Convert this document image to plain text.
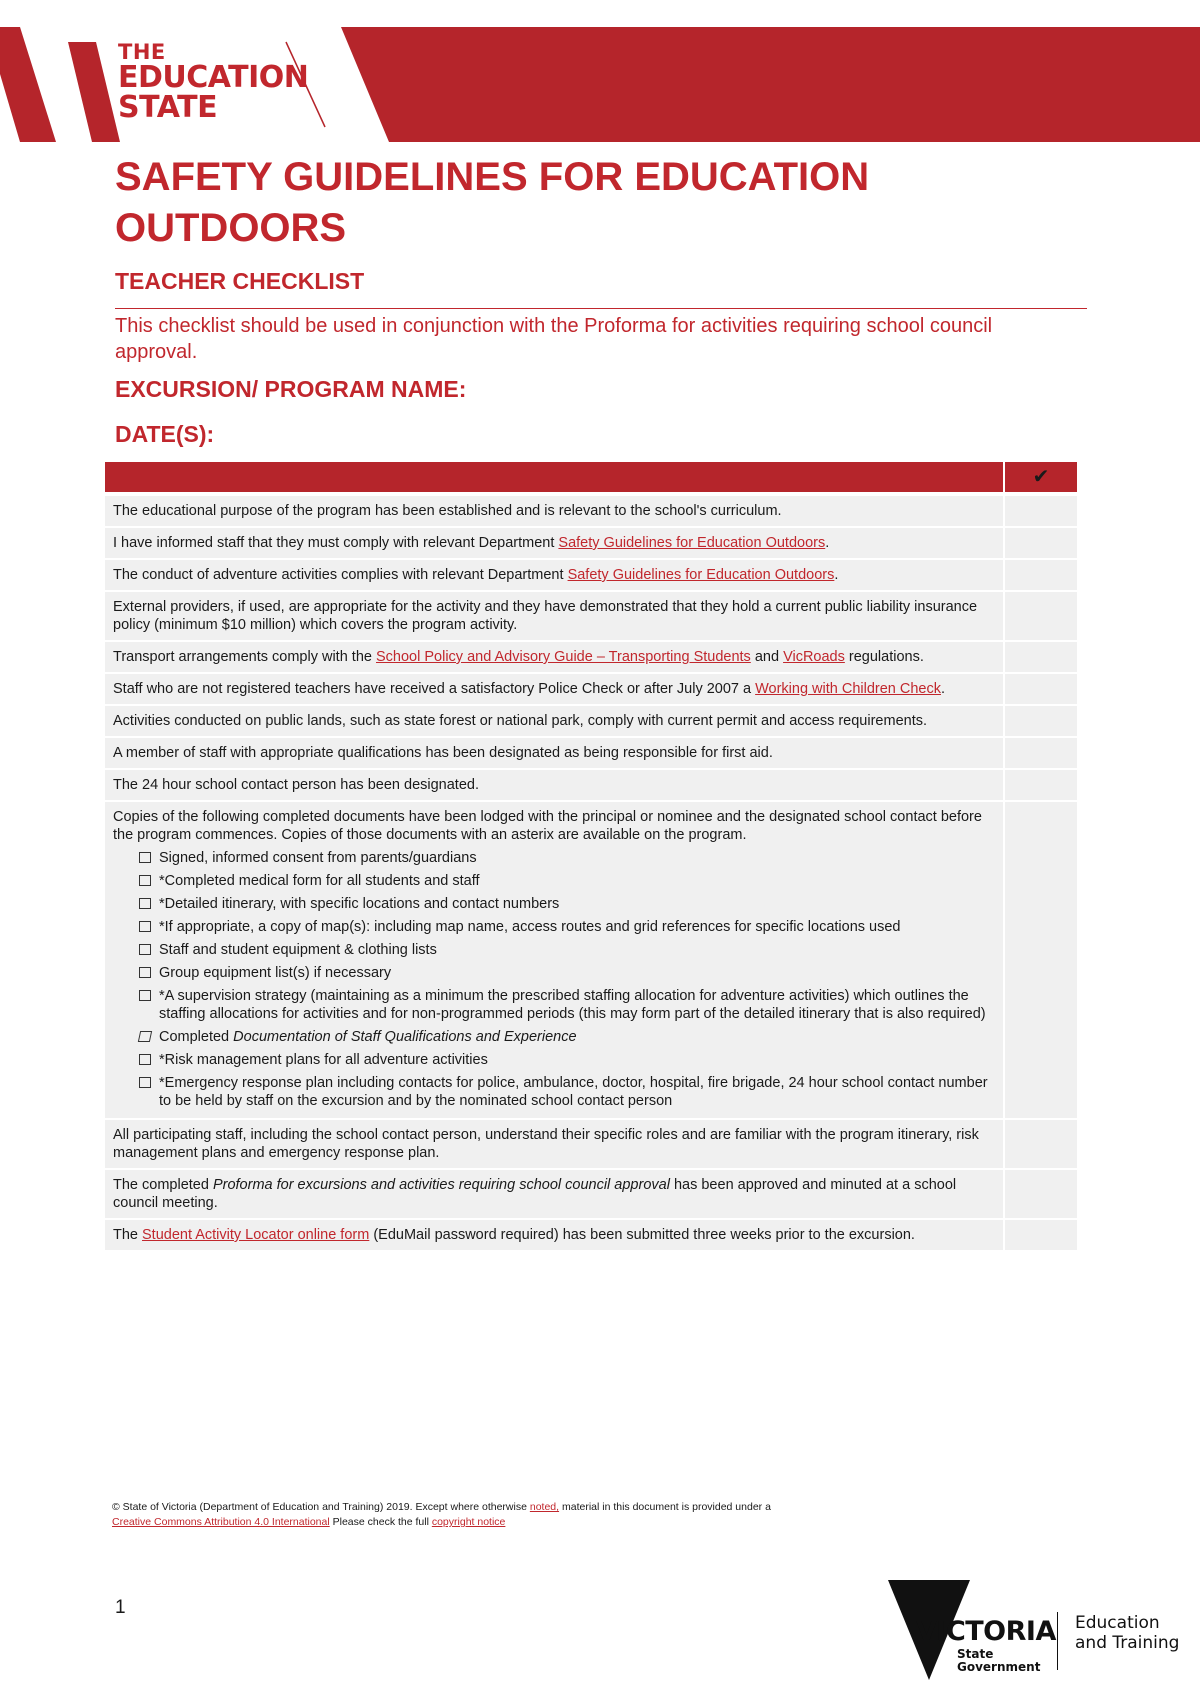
THE
EDUCATION
STATE
SAFETY GUIDELINES FOR EDUCATION
OUTDOORS
TEACHER CHECKLIST
This checklist should be used in conjunction with the Proforma for activities requiring school council approval.
EXCURSION/ PROGRAM NAME:
DATE(S):
✔
The educational purpose of the program has been established and is relevant to the school's curriculum.
I have informed staff that they must comply with relevant Department Safety Guidelines for Education Outdoors.
The conduct of adventure activities complies with relevant Department Safety Guidelines for Education Outdoors.
External providers, if used, are appropriate for the activity and they have demonstrated that they hold a current public liability insurance policy (minimum $10 million) which covers the program activity.
Transport arrangements comply with the School Policy and Advisory Guide – Transporting Students and VicRoads regulations.
Staff who are not registered teachers have received a satisfactory Police Check or after July 2007 a Working with Children Check.
Activities conducted on public lands, such as state forest or national park, comply with current permit and access requirements.
A member of staff with appropriate qualifications has been designated as being responsible for first aid.
The 24 hour school contact person has been designated.
Copies of the following completed documents have been lodged with the principal or nominee and the designated school contact before the program commences. Copies of those documents with an asterix are available on the program.
Signed, informed consent from parents/guardians
*Completed medical form for all students and staff
*Detailed itinerary, with specific locations and contact numbers
*If appropriate, a copy of map(s): including map name, access routes and grid references for specific locations used
Staff and student equipment & clothing lists
Group equipment list(s) if necessary
*A supervision strategy (maintaining as a minimum the prescribed staffing allocation for adventure activities) which outlines the staffing allocations for activities and for non-programmed periods (this may form part of the detailed itinerary that is also required)
Completed Documentation of Staff Qualifications and Experience
*Risk management plans for all adventure activities
*Emergency response plan including contacts for police, ambulance, doctor, hospital, fire brigade, 24 hour school contact number to be held by staff on the excursion and by the nominated school contact person
All participating staff, including the school contact person, understand their specific roles and are familiar with the program itinerary, risk management plans and emergency response plan.
The completed Proforma for excursions and activities requiring school council approval has been approved and minuted at a school council meeting.
The Student Activity Locator online form (EduMail password required) has been submitted three weeks prior to the excursion.
© State of Victoria (Department of Education and Training) 2019. Except where otherwise noted, material in this document is provided under a
Creative Commons Attribution 4.0 International Please check the full copyright notice
1
VICTORIA
State
Government
Education
and Training
